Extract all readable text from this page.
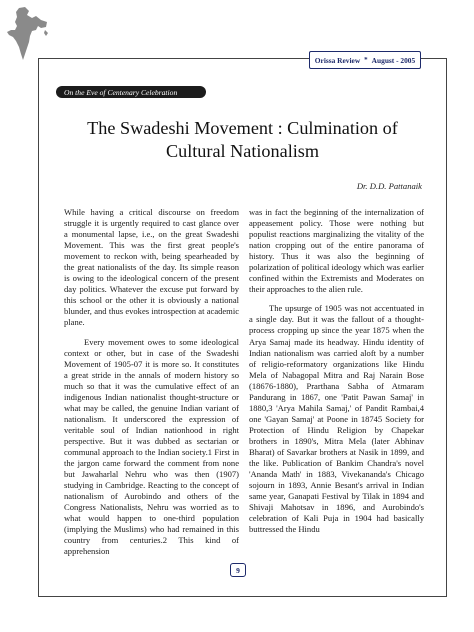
Orissa Review * August - 2005
On the Eve of Centenary Celebration
The Swadeshi Movement : Culmination of Cultural Nationalism
Dr. D.D. Pattanaik

While having a critical discourse on freedom struggle it is urgently required to cast glance over a monumental lapse, i.e., on the great Swadeshi Movement. This was the first great people's movement to reckon with, being spearheaded by the great nationalists of the day. Its simple reason is owing to the ideological concern of the present day politics. Whatever the excuse put forward by this school or the other it is obviously a national blunder, and thus evokes introspection at academic plane.

Every movement owes to some ideological context or other, but in case of the Swadeshi Movement of 1905-07 it is more so. It constitutes a great stride in the annals of modern history so much so that it was the cumulative effect of an indigenous Indian nationalist thought-structure or what may be called, the genuine Indian variant of nationalism. It underscored the expression of veritable soul of Indian nationhood in right perspective. But it was dubbed as sectarian or communal approach to the Indian society.1 First in the jargon came forward the comment from none but Jawaharlal Nehru who was then (1907) studying in Cambridge. Reacting to the concept of nationalism of Aurobindo and others of the Congress Nationalists, Nehru was worried as to what would happen to one-third population (implying the Muslims) who had remained in this country from centuries.2 This kind of apprehension

was in fact the beginning of the internalization of appeasement policy. Those were nothing but populist reactions marginalizing the vitality of the nation cropping out of the entire panorama of history. Thus it was also the beginning of polarization of political ideology which was earlier confined within the Extremists and Moderates on their approaches to the alien rule.

The upsurge of 1905 was not accentuated in a single day. But it was the fallout of a thought-process cropping up since the year 1875 when the Arya Samaj made its headway. Hindu identity of Indian nationalism was carried aloft by a number of religio-reformatory organizations like Hindu Mela of Nabagopal Mitra and Raj Narain Bose (18676-1880), Prarthana Sabha of Atmaram Pandurang in 1867, one 'Patit Pawan Samaj' in 1880,3 'Arya Mahila Samaj,' of Pandit Rambai,4 one 'Gayan Samaj' at Poone in 18745 Society for Protection of Hindu Religion by Chapekar brothers in 1890's, Mitra Mela (later Abhinav Bharat) of Savarkar brothers at Nasik in 1899, and the like. Publication of Bankim Chandra's novel 'Ananda Math' in 1883, Vivekananda's Chicago sojourn in 1893, Annie Besant's arrival in Indian same year, Ganapati Festival by Tilak in 1894 and Shivaji Mahotsav in 1896, and Aurobindo's celebration of Kali Puja in 1904 had basically buttressed the Hindu

9
